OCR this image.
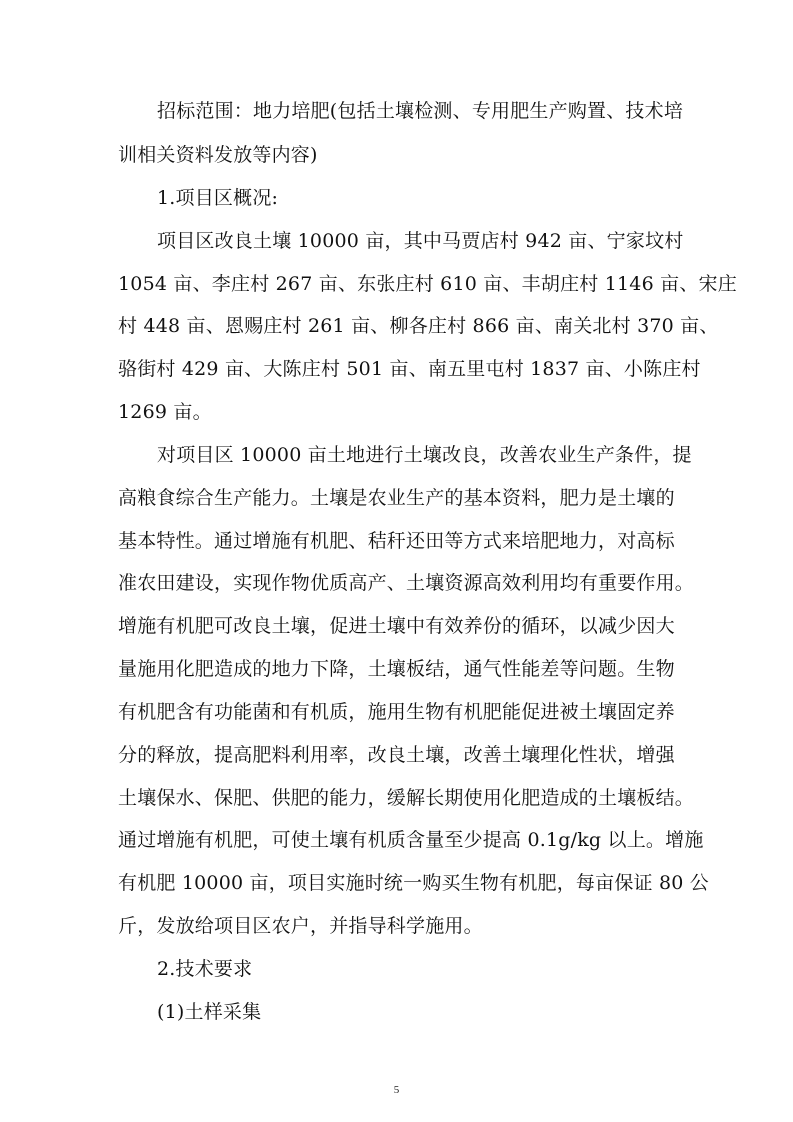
招标范围：地力培肥(包括土壤检测、专用肥生产购置、技术培
训相关资料发放等内容)
1.项目区概况:
项目区改良土壤 10000 亩，其中马贾店村 942 亩、宁家坟村
1054 亩、李庄村 267 亩、东张庄村 610 亩、丰胡庄村 1146 亩、宋庄
村 448 亩、恩赐庄村 261 亩、柳各庄村 866 亩、南关北村 370 亩、
骆街村 429 亩、大陈庄村 501 亩、南五里屯村 1837 亩、小陈庄村
1269 亩。
对项目区 10000 亩土地进行土壤改良，改善农业生产条件，提
高粮食综合生产能力。土壤是农业生产的基本资料，肥力是土壤的
基本特性。通过增施有机肥、秸秆还田等方式来培肥地力，对高标
准农田建设，实现作物优质高产、土壤资源高效利用均有重要作用。
增施有机肥可改良土壤，促进土壤中有效养份的循环，以减少因大
量施用化肥造成的地力下降，土壤板结，通气性能差等问题。生物
有机肥含有功能菌和有机质，施用生物有机肥能促进被土壤固定养
分的释放，提高肥料利用率，改良土壤，改善土壤理化性状，增强
土壤保水、保肥、供肥的能力，缓解长期使用化肥造成的土壤板结。
通过增施有机肥，可使土壤有机质含量至少提高 0.1g/kg 以上。增施
有机肥 10000 亩，项目实施时统一购买生物有机肥，每亩保证 80 公
斤，发放给项目区农户，并指导科学施用。
2.技术要求
(1)土样采集
5
